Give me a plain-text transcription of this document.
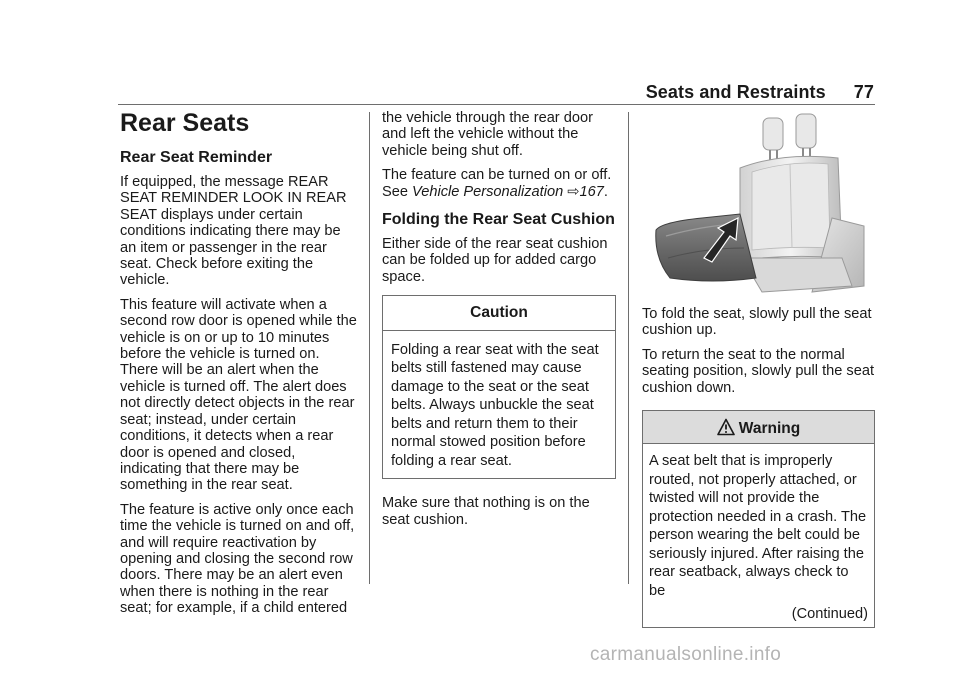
Seats and Restraints 77
Rear Seats
Rear Seat Reminder

If equipped, the message REAR SEAT REMINDER LOOK IN REAR SEAT displays under certain conditions indicating there may be an item or passenger in the rear seat. Check before exiting the vehicle.

This feature will activate when a second row door is opened while the vehicle is on or up to 10 minutes before the vehicle is turned on. There will be an alert when the vehicle is turned off. The alert does not directly detect objects in the rear seat; instead, under certain conditions, it detects when a rear door is opened and closed, indicating that there may be something in the rear seat.

The feature is active only once each time the vehicle is turned on and off, and will require reactivation by opening and closing the second row doors. There may be an alert even when there is nothing in the rear seat; for example, if a child entered

the vehicle through the rear door and left the vehicle without the vehicle being shut off.

The feature can be turned on or off.
See Vehicle Personalization ⇨167.

Folding the Rear Seat Cushion

Either side of the rear seat cushion can be folded up for added cargo space.

Caution
Folding a rear seat with the seat belts still fastened may cause damage to the seat or the seat belts. Always unbuckle the seat belts and return them to their normal stowed position before folding a rear seat.

Make sure that nothing is on the seat cushion.

To fold the seat, slowly pull the seat cushion up.

To return the seat to the normal seating position, slowly pull the seat cushion down.

Warning
A seat belt that is improperly routed, not properly attached, or twisted will not provide the protection needed in a crash. The person wearing the belt could be seriously injured. After raising the rear seatback, always check to be
(Continued)
carmanualsonline.info
